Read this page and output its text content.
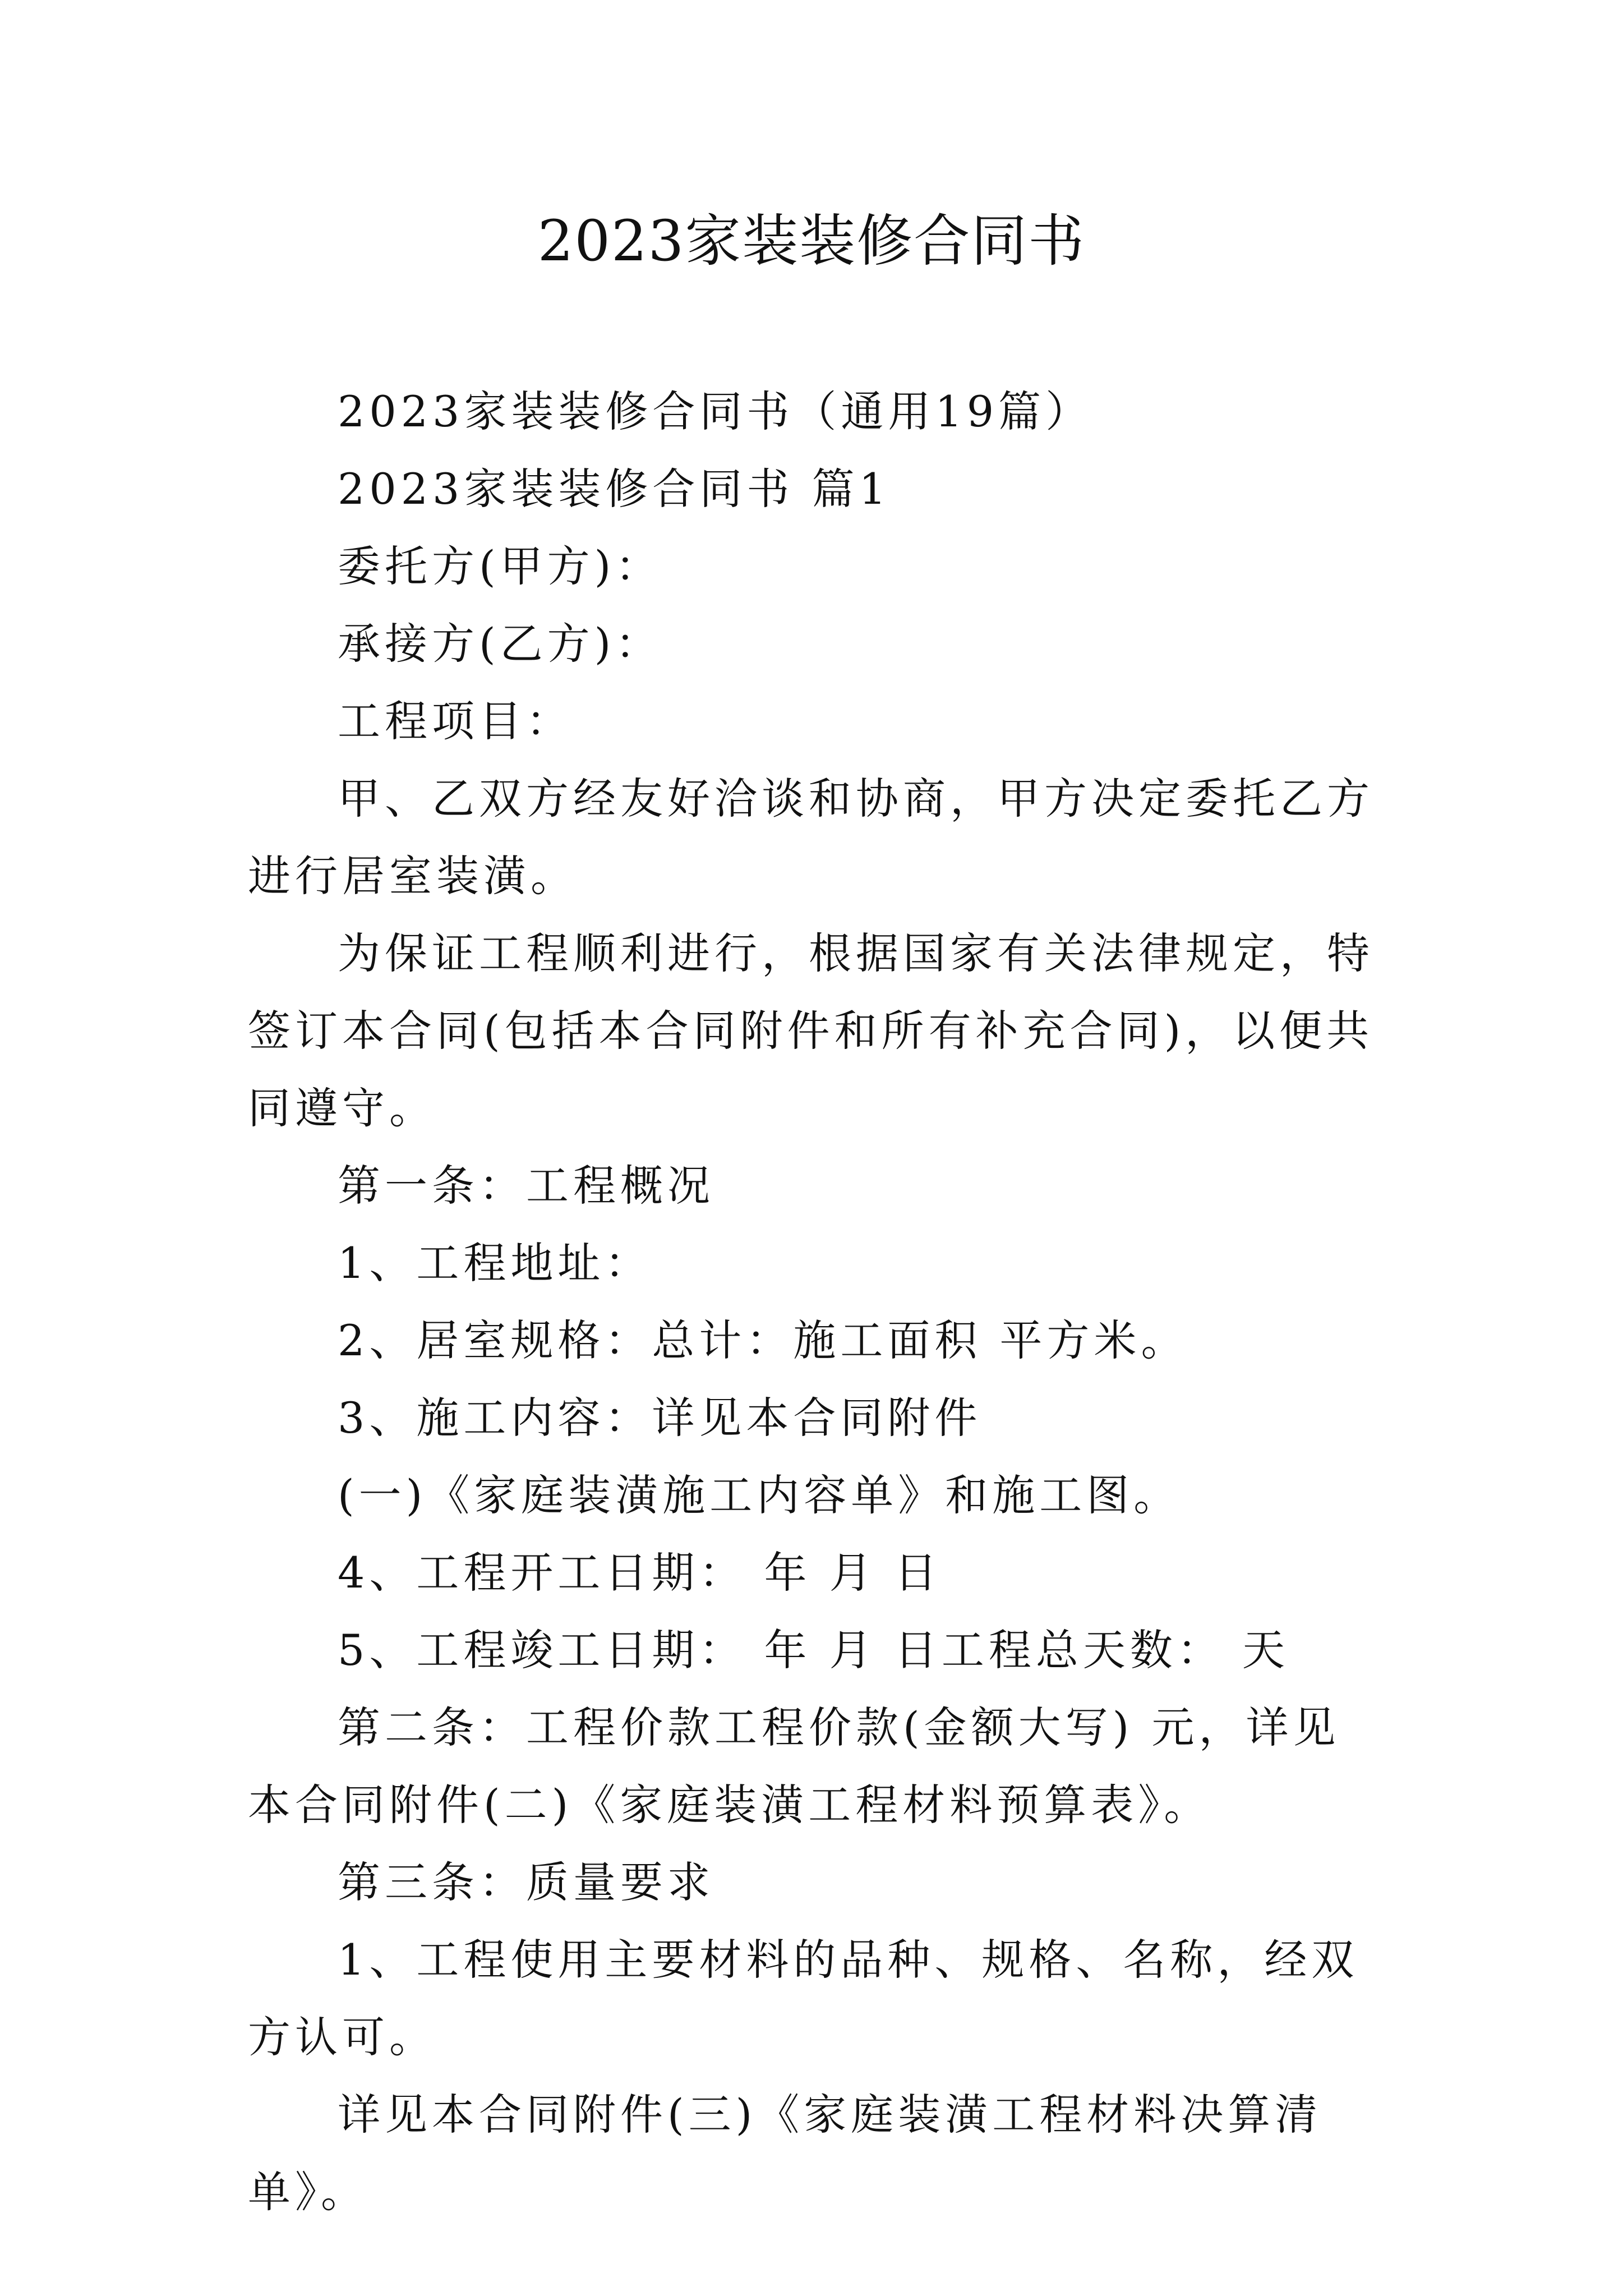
2023家装装修合同书

2023家装装修合同书（通用19篇）

2023家装装修合同书 篇1

委托方(甲方)：

承接方(乙方)：

工程项目：

甲、乙双方经友好洽谈和协商，甲方决定委托乙方进行居室装潢。

为保证工程顺利进行，根据国家有关法律规定，特签订本合同(包括本合同附件和所有补充合同)，以便共同遵守。

第一条：工程概况

1、工程地址：

2、居室规格：总计：施工面积 平方米。

3、施工内容：详见本合同附件

(一)《家庭装潢施工内容单》和施工图。

4、工程开工日期： 年 月 日

5、工程竣工日期： 年 月 日工程总天数： 天

第二条：工程价款工程价款(金额大写) 元，详见本合同附件(二)《家庭装潢工程材料预算表》。

第三条：质量要求

1、工程使用主要材料的品种、规格、名称，经双方认可。

详见本合同附件(三)《家庭装潢工程材料决算清单》。
